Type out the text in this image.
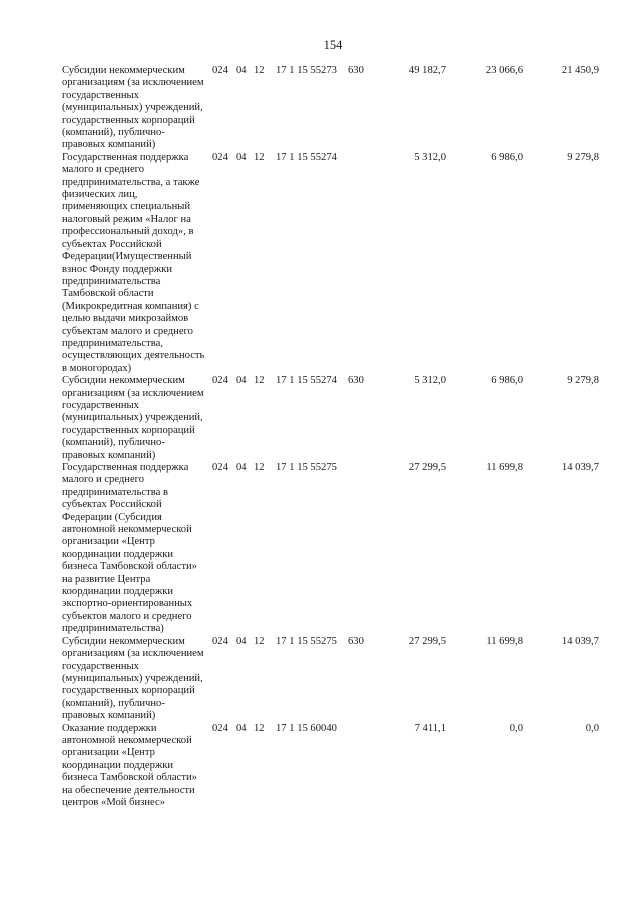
154
Субсидии некоммерческим
организациям (за исключением
государственных
(муниципальных) учреждений,
государственных корпораций
(компаний), публично-
правовых компаний)
024 04 12 17 1 15 55273 630	49 182,7	23 066,6	21 450,9
Государственная поддержка
малого и среднего
предпринимательства, а также
физических лиц,
применяющих специальный
налоговый режим «Налог на
профессиональный доход», в
субъектах Российской
Федерации(Имущественный
взнос Фонду поддержки
предпринимательства
Тамбовской области
(Микрокредитная компания) с
целью выдачи микрозаймов
субъектам малого и среднего
предпринимательства,
осуществляющих деятельность
в моногородах)
024 04 12 17 1 15 55274	5 312,0	6 986,0	9 279,8
Субсидии некоммерческим
организациям (за исключением
государственных
(муниципальных) учреждений,
государственных корпораций
(компаний), публично-
правовых компаний)
024 04 12 17 1 15 55274 630	5 312,0	6 986,0	9 279,8
Государственная поддержка
малого и среднего
предпринимательства в
субъектах Российской
Федерации (Субсидия
автономной некоммерческой
организации «Центр
координации поддержки
бизнеса Тамбовской области»
на развитие Центра
координации поддержки
экспортно-ориентированных
субъектов малого и среднего
предпринимательства)
024 04 12 17 1 15 55275	27 299,5	11 699,8	14 039,7
Субсидии некоммерческим
организациям (за исключением
государственных
(муниципальных) учреждений,
государственных корпораций
(компаний), публично-
правовых компаний)
024 04 12 17 1 15 55275 630	27 299,5	11 699,8	14 039,7
Оказание поддержки
автономной некоммерческой
организации «Центр
координации поддержки
бизнеса Тамбовской области»
на обеспечение деятельности
центров «Мой бизнес»
024 04 12 17 1 15 60040	7 411,1	0,0	0,0
